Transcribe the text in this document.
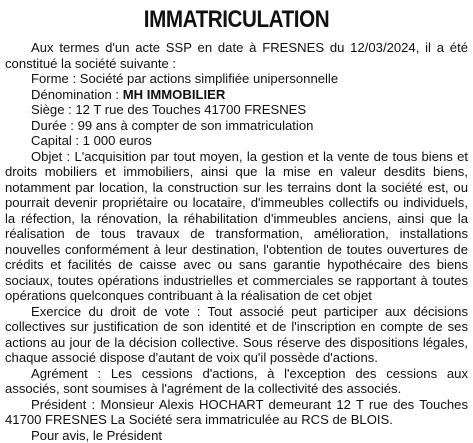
IMMATRICULATION

Aux termes d'un acte SSP en date à FRESNES du 12/03/2024, il a été constitué la société suivante :

Forme : Société par actions simplifiée unipersonnelle

Dénomination : MH IMMOBILIER

Siège : 12 T rue des Touches 41700 FRESNES

Durée : 99 ans à compter de son immatriculation

Capital : 1 000 euros

Objet : L'acquisition par tout moyen, la gestion et la vente de tous biens et droits mobiliers et immobiliers, ainsi que la mise en valeur desdits biens, notamment par location, la construction sur les terrains dont la société est, ou pourrait devenir propriétaire ou locataire, d'immeubles collectifs ou individuels, la réfection, la rénovation, la réhabilitation d'immeubles anciens, ainsi que la réalisation de tous travaux de transformation, amélioration, installations nouvelles conformément à leur destination, l'obtention de toutes ouvertures de crédits et facilités de caisse avec ou sans garantie hypothécaire des biens sociaux, toutes opérations industrielles et commerciales se rapportant à toutes opérations quelconques contribuant à la réalisation de cet objet

Exercice du droit de vote : Tout associé peut participer aux décisions collectives sur justification de son identité et de l'inscription en compte de ses actions au jour de la décision collective. Sous réserve des dispositions légales, chaque associé dispose d'autant de voix qu'il possède d'actions.

Agrément : Les cessions d'actions, à l'exception des cessions aux associés, sont soumises à l'agrément de la collectivité des associés.

Président : Monsieur Alexis HOCHART demeurant 12 T rue des Touches 41700 FRESNES La Société sera immatriculée au RCS de BLOIS.

Pour avis, le Président
